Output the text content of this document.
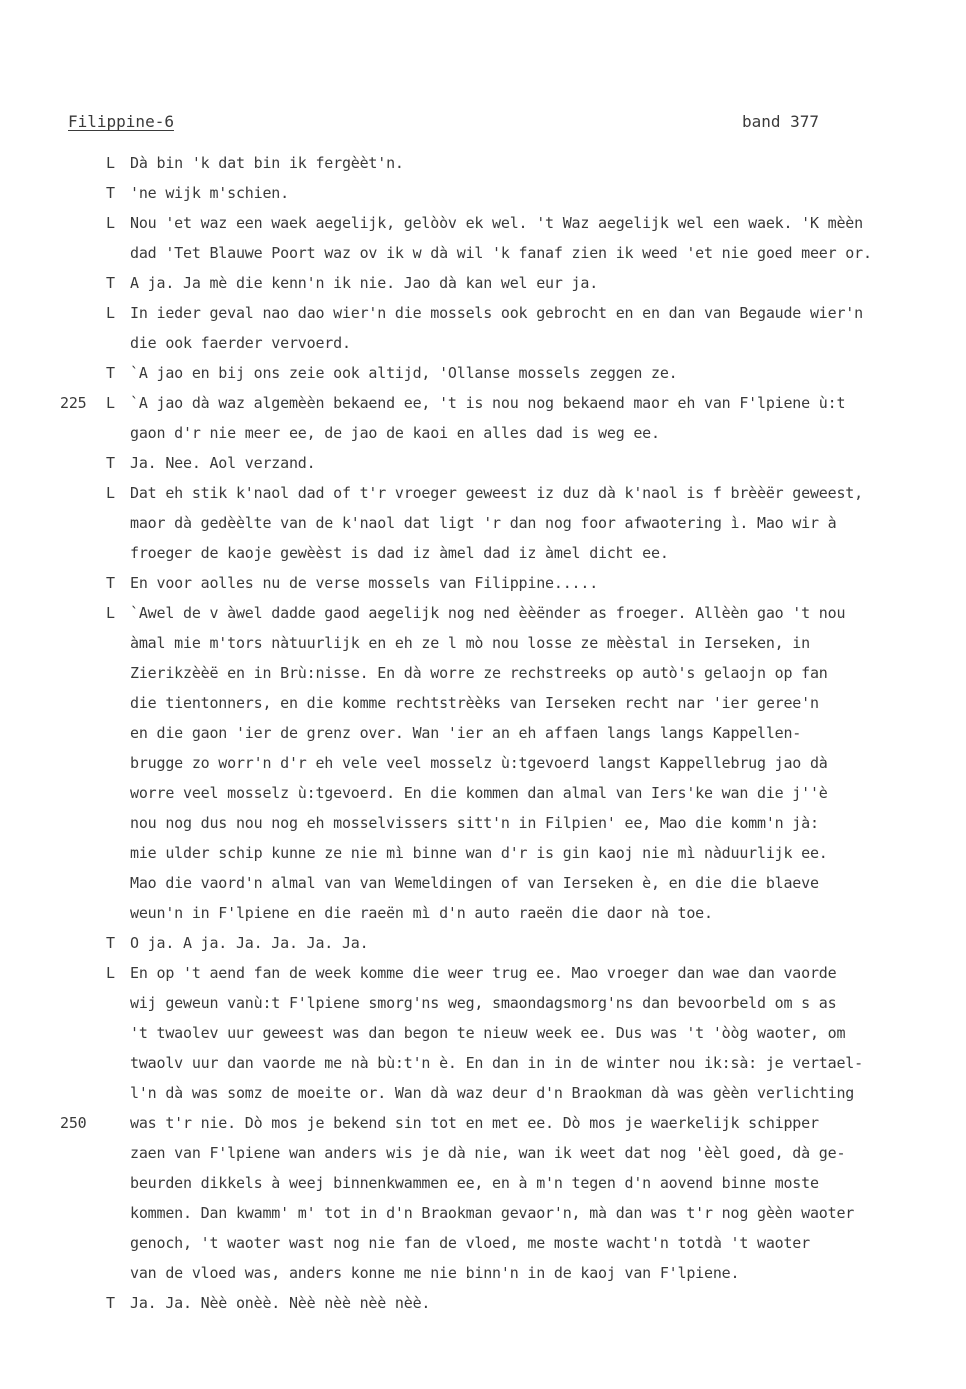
Filippine-6	band 377
L Dà bin 'k dat bin ik fergèèt'n.
T 'ne wijk m'schien.
L Nou 'et waz een waek aegelijk, gelòòv ek wel. 't Waz aegelijk wel een waek. 'K mèèn
dad 'Tet Blauwe Poort waz ov ik w dà wil 'k fanaf zien ik weed 'et nie goed meer or.
T A ja. Ja mè die kenn'n ik nie. Jao dà kan wel eur ja.
L In ieder geval nao dao wier'n die mossels ook gebrocht en en dan van Begaude wier'n
die ook faerder vervoerd.
T `A jao en bij ons zeie ook altijd, 'Ollanse mossels zeggen ze.
225 L `A jao dà waz algemèèn bekaend ee, 't is nou nog bekaend maor eh van F'lpiene ù:t
gaon d'r nie meer ee, de jao de kaoi en alles dad is weg ee.
T Ja. Nee. Aol verzand.
L Dat eh stik k'naol dad of t'r vroeger geweest iz duz dà k'naol is f brèèër geweest,
maor dà gedèèlte van de k'naol dat ligt 'r dan nog foor afwaotering ì. Mao wir à
froeger de kaoje gewèèst is dad iz àmel dad iz àmel dicht ee.
T En voor aolles nu de verse mossels van Filippine.....
L `Awel de v àwel dadde gaod aegelijk nog ned èèënder as froeger. Allèèn gao 't nou
àmal mie m'tors nàtuurlijk en eh ze l mò nou losse ze mèèstal in Ierseken, in
Zierikzèèë en in Brù:nisse. En dà worre ze rechstreeks op autò's gelaojn op fan
die tientonners, en die komme rechtstrèèks van Ierseken recht nar 'ier geree'n
en die gaon 'ier de grenz over. Wan 'ier an eh affaen langs langs Kappellen-
brugge zo worr'n d'r eh vele veel mosselz ù:tgevoerd langst Kappellebrug jao dà
worre veel mosselz ù:tgevoerd. En die kommen dan almal van Iers'ke wan die j''è
nou nog dus nou nog eh mosselvissers sitt'n in Filpien' ee, Mao die komm'n jà:
mie ulder schip kunne ze nie mì binne wan d'r is gin kaoj nie mì nàduurlijk ee.
Mao die vaord'n almal van van Wemeldingen of van Ierseken è, en die die blaeve
weun'n in F'lpiene en die raeën mì d'n auto raeën die daor nà toe.
T O ja. A ja. Ja. Ja. Ja. Ja.
L En op 't aend fan de week komme die weer trug ee. Mao vroeger dan wae dan vaorde
wij geweun vanù:t F'lpiene smorg'ns weg, smaondagsmorg'ns dan bevoorbeld om s as
't twaolev uur geweest was dan begon te nieuw week ee. Dus was 't 'òòg waoter, om
twaolv uur dan vaorde me nà bù:t'n è. En dan in in de winter nou ik:sà: je vertael-
l'n dà was somz de moeite or. Wan dà waz deur d'n Braokman dà was gèèn verlichting
250	was t'r nie. Dò mos je bekend sin tot en met ee. Dò mos je waerkelijk schipper
zaen van F'lpiene wan anders wis je dà nie, wan ik weet dat nog 'èèl goed, dà ge-
beurden dikkels à weej binnenkwammen ee, en à m'n tegen d'n aovend binne moste
kommen. Dan kwamm' m' tot in d'n Braokman gevaor'n, mà dan was t'r nog gèèn waoter
genoch, 't waoter wast nog nie fan de vloed, me moste wacht'n totdà 't waoter
van de vloed was, anders konne me nie binn'n in de kaoj van F'lpiene.
T Ja. Ja. Nèè onèè. Nèè nèè nèè nèè.
